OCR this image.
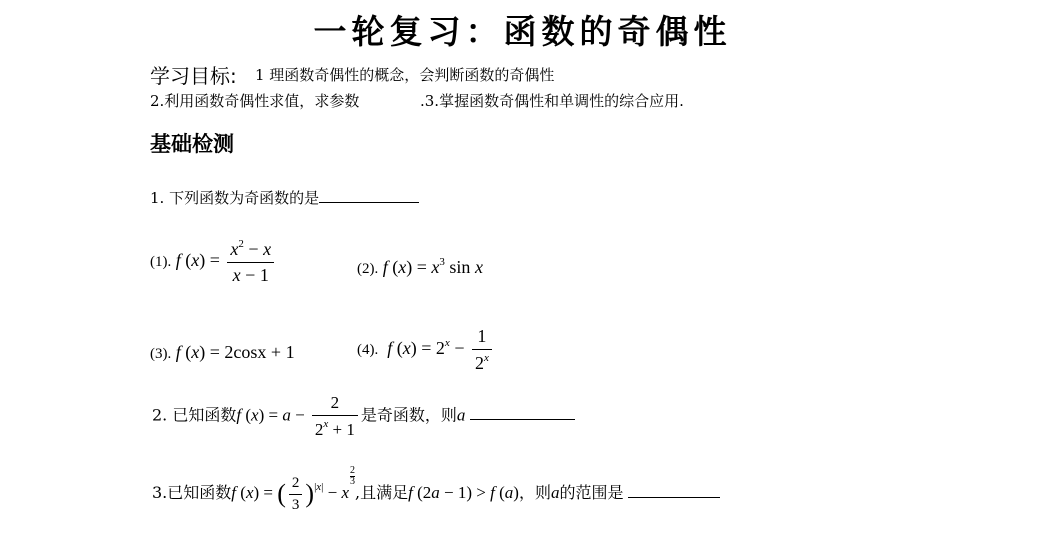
一轮复习：函数的奇偶性
学习目标: 1 理函数奇偶性的概念，会判断函数的奇偶性
2.利用函数奇偶性求值，求参数	.3.掌握函数奇偶性和单调性的综合应用.
基础检测
1. 下列函数为奇函数的是
(1). f $(x) = \frac{x^2 - x}{x - 1}$	(2). f $(x) = x^3$ sin x
(3). f (x) = 2cosx + 1	(4). f $(x) = 2^x - \frac{1}{2^x}$
2. 已知函数f $(x) = a - \frac{2}{2^x + 1}$ 是奇函数，则a
3.已知函数f (x) = ( $\frac{2}{3} )^{|x|} - x\frac{2}{3}$
,且满足f (2a − 1) > f (a)，则a的范围是
